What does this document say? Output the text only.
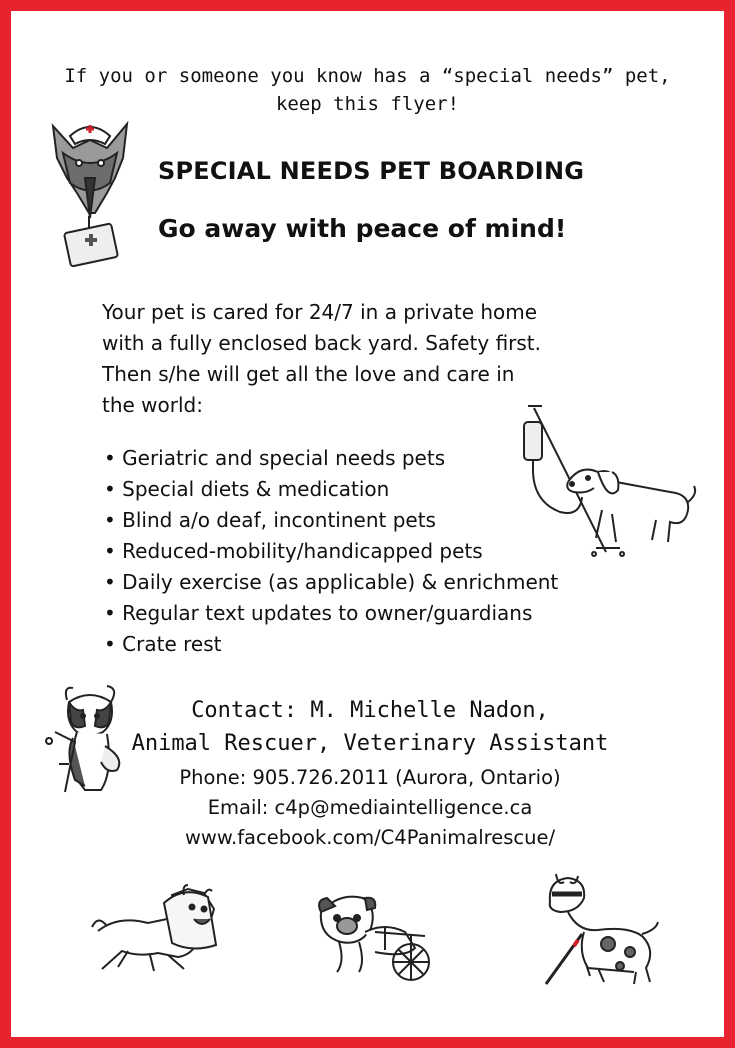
If you or someone you know has a “special needs” pet,
keep this flyer!
SPECIAL NEEDS PET BOARDING
Go away with peace of mind!
Your pet is cared for 24/7 in a private home
with a fully enclosed back yard. Safety first.
Then s/he will get all the love and care in
the world:
• Geriatric and special needs pets
• Special diets & medication
• Blind a/o deaf, incontinent pets
• Reduced-mobility/handicapped pets
• Daily exercise (as applicable) & enrichment
• Regular text updates to owner/guardians
• Crate rest
Contact: M. Michelle Nadon,
Animal Rescuer, Veterinary Assistant
Phone: 905.726.2011 (Aurora, Ontario)
Email: c4p@mediaintelligence.ca
www.facebook.com/C4Panimalrescue/
